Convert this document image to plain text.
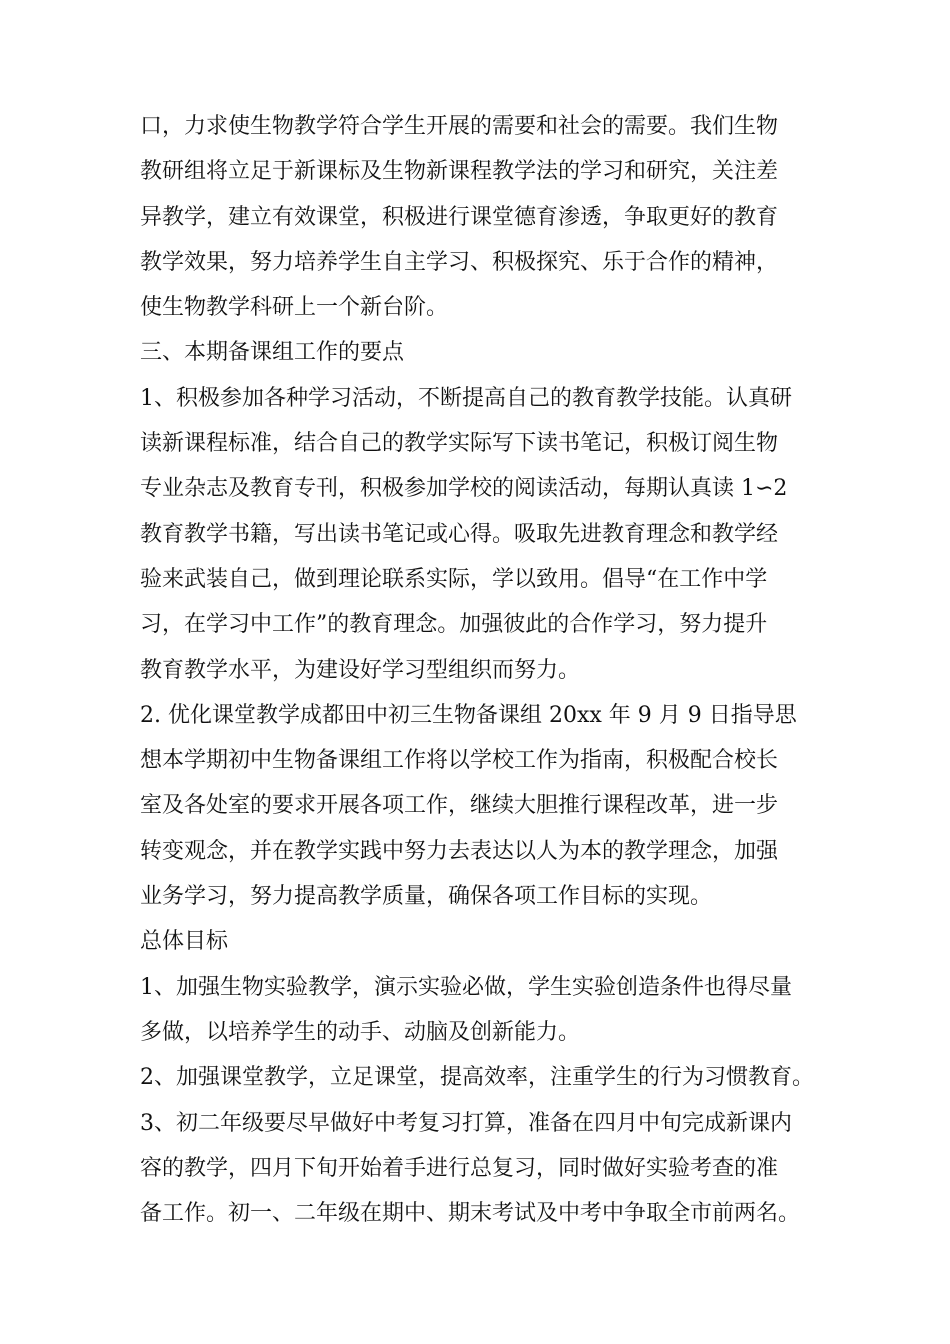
口，力求使生物教学符合学生开展的需要和社会的需要。我们生物
教研组将立足于新课标及生物新课程教学法的学习和研究，关注差
异教学，建立有效课堂，积极进行课堂德育渗透，争取更好的教育
教学效果，努力培养学生自主学习、积极探究、乐于合作的精神，
使生物教学科研上一个新台阶。
三、本期备课组工作的要点
1、积极参加各种学习活动，不断提高自己的教育教学技能。认真研
读新课程标准，结合自己的教学实际写下读书笔记，积极订阅生物
专业杂志及教育专刊，积极参加学校的阅读活动，每期认真读 1∽2
教育教学书籍，写出读书笔记或心得。吸取先进教育理念和教学经
验来武装自己，做到理论联系实际，学以致用。倡导“在工作中学
习，在学习中工作”的教育理念。加强彼此的合作学习，努力提升
教育教学水平，为建设好学习型组织而努力。
2. 优化课堂教学成都田中初三生物备课组 20xx 年 9 月 9 日指导思
想本学期初中生物备课组工作将以学校工作为指南，积极配合校长
室及各处室的要求开展各项工作，继续大胆推行课程改革，进一步
转变观念，并在教学实践中努力去表达以人为本的教学理念，加强
业务学习，努力提高教学质量，确保各项工作目标的实现。
总体目标
1、加强生物实验教学，演示实验必做，学生实验创造条件也得尽量
多做，以培养学生的动手、动脑及创新能力。
2、加强课堂教学，立足课堂，提高效率，注重学生的行为习惯教育。
3、初二年级要尽早做好中考复习打算，准备在四月中旬完成新课内
容的教学，四月下旬开始着手进行总复习，同时做好实验考查的准
备工作。初一、二年级在期中、期末考试及中考中争取全市前两名。
